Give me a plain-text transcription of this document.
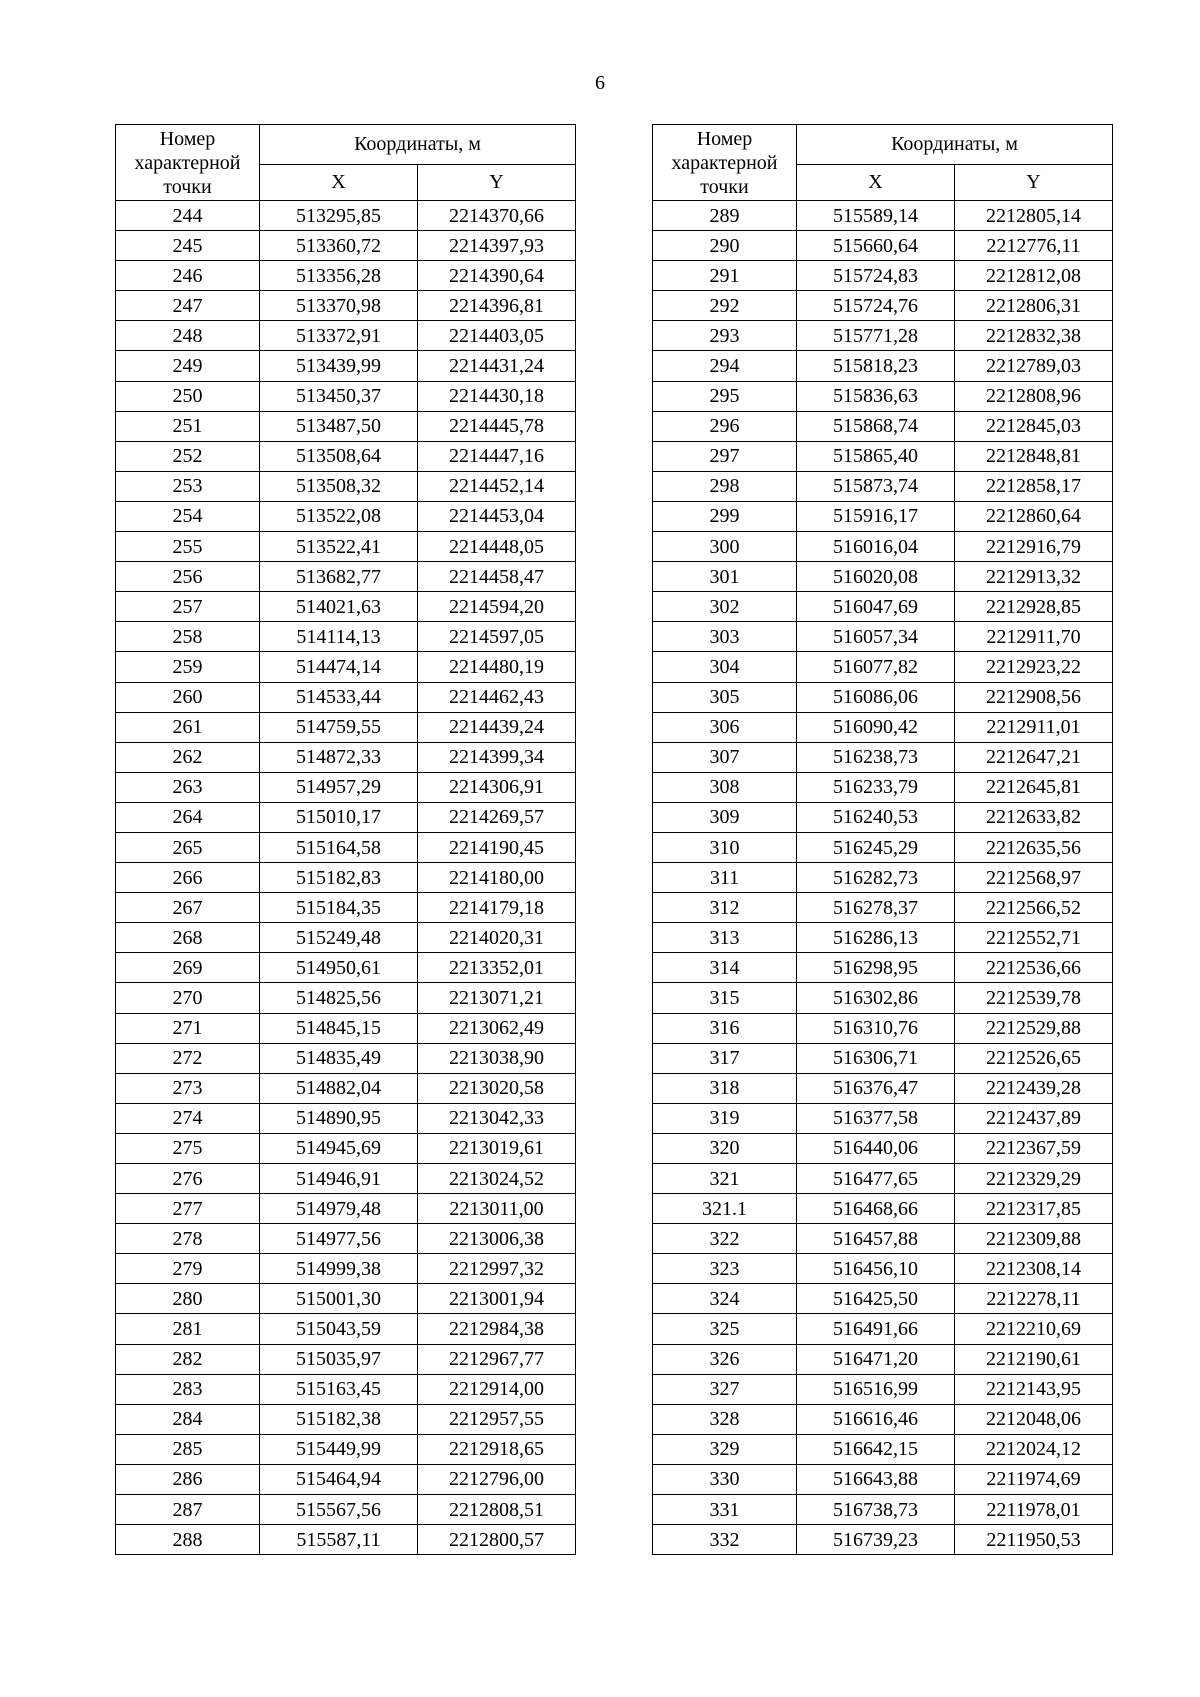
6
Номер характерной точки	Координаты, м	
	X	Y
244	513295,85	2214370,66
245	513360,72	2214397,93
246	513356,28	2214390,64
247	513370,98	2214396,81
248	513372,91	2214403,05
249	513439,99	2214431,24
250	513450,37	2214430,18
251	513487,50	2214445,78
252	513508,64	2214447,16
253	513508,32	2214452,14
254	513522,08	2214453,04
255	513522,41	2214448,05
256	513682,77	2214458,47
257	514021,63	2214594,20
258	514114,13	2214597,05
259	514474,14	2214480,19
260	514533,44	2214462,43
261	514759,55	2214439,24
262	514872,33	2214399,34
263	514957,29	2214306,91
264	515010,17	2214269,57
265	515164,58	2214190,45
266	515182,83	2214180,00
267	515184,35	2214179,18
268	515249,48	2214020,31
269	514950,61	2213352,01
270	514825,56	2213071,21
271	514845,15	2213062,49
272	514835,49	2213038,90
273	514882,04	2213020,58
274	514890,95	2213042,33
275	514945,69	2213019,61
276	514946,91	2213024,52
277	514979,48	2213011,00
278	514977,56	2213006,38
279	514999,38	2212997,32
280	515001,30	2213001,94
281	515043,59	2212984,38
282	515035,97	2212967,77
283	515163,45	2212914,00
284	515182,38	2212957,55
285	515449,99	2212918,65
286	515464,94	2212796,00
287	515567,56	2212808,51
288	515587,11	2212800,57
Номер характерной точки	Координаты, м	
	X	Y
289	515589,14	2212805,14
290	515660,64	2212776,11
291	515724,83	2212812,08
292	515724,76	2212806,31
293	515771,28	2212832,38
294	515818,23	2212789,03
295	515836,63	2212808,96
296	515868,74	2212845,03
297	515865,40	2212848,81
298	515873,74	2212858,17
299	515916,17	2212860,64
300	516016,04	2212916,79
301	516020,08	2212913,32
302	516047,69	2212928,85
303	516057,34	2212911,70
304	516077,82	2212923,22
305	516086,06	2212908,56
306	516090,42	2212911,01
307	516238,73	2212647,21
308	516233,79	2212645,81
309	516240,53	2212633,82
310	516245,29	2212635,56
311	516282,73	2212568,97
312	516278,37	2212566,52
313	516286,13	2212552,71
314	516298,95	2212536,66
315	516302,86	2212539,78
316	516310,76	2212529,88
317	516306,71	2212526,65
318	516376,47	2212439,28
319	516377,58	2212437,89
320	516440,06	2212367,59
321	516477,65	2212329,29
321.1	516468,66	2212317,85
322	516457,88	2212309,88
323	516456,10	2212308,14
324	516425,50	2212278,11
325	516491,66	2212210,69
326	516471,20	2212190,61
327	516516,99	2212143,95
328	516616,46	2212048,06
329	516642,15	2212024,12
330	516643,88	2211974,69
331	516738,73	2211978,01
332	516739,23	2211950,53
